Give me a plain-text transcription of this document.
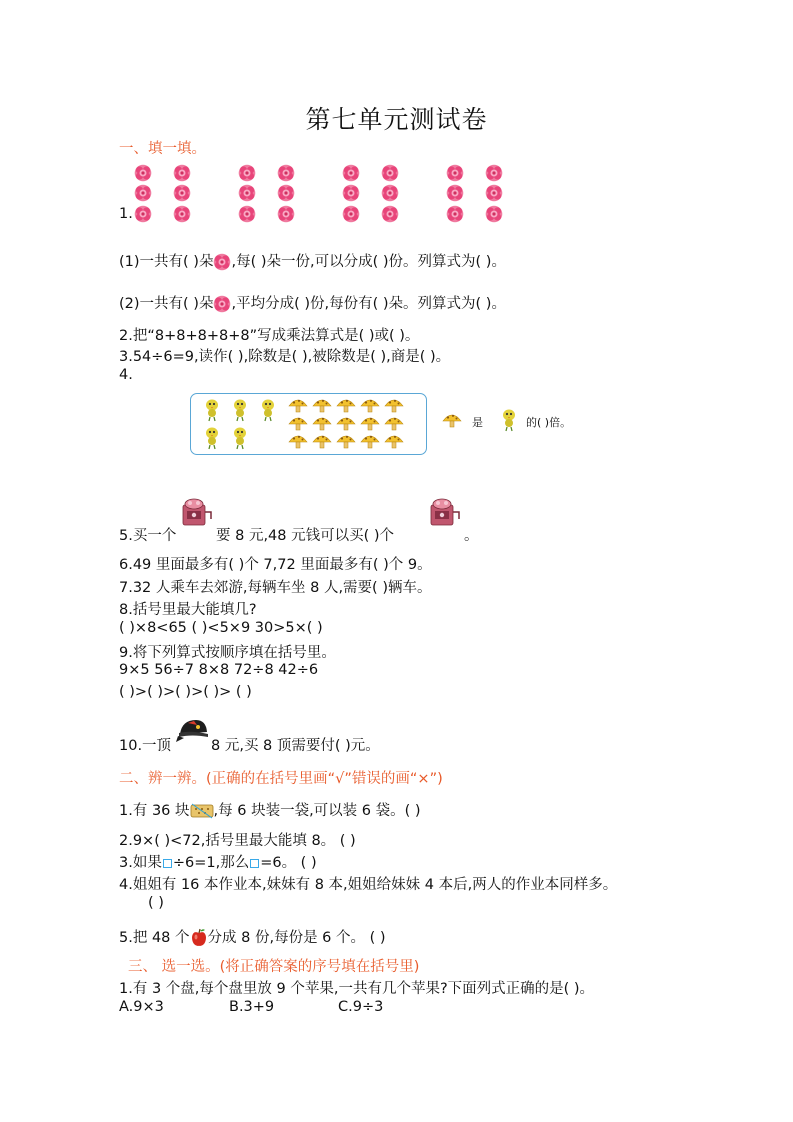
第七单元测试卷
一、填一填。
1.
(1)一共有( )朵 ,每( )朵一份,可以分成( )份。列算式为( )。
(2)一共有( )朵 ,平均分成( )份,每份有( )朵。列算式为( )。
2.把“8+8+8+8+8”写成乘法算式是( )或( )。
3.54÷6=9,读作( ),除数是( ),被除数是( ),商是( )。
4.
是	的( )倍。
5.买一个	要 8 元,48 元钱可以买( )个	。
6.49 里面最多有( )个 7,72 里面最多有( )个 9。
7.32 人乘车去郊游,每辆车坐 8 人,需要( )辆车。
8.括号里最大能填几?
( )×8<65 ( )<5×9 30>5×( )
9.将下列算式按顺序填在括号里。
9×5 56÷7 8×8 72÷8 42÷6
( )>( )>( )>( )> ( )
10.一顶	8 元,买 8 顶需要付( )元。
二、辨一辨。(正确的在括号里画“√”错误的画“×”)
1.有 36 块 ,每 6 块装一袋,可以装 6 袋。( )
2.9×( )<72,括号里最大能填 8。 ( )
3.如果 ÷6=1,那么 =6。 ( )
4.姐姐有 16 本作业本,妹妹有 8 本,姐姐给妹妹 4 本后,两人的作业本同样多。
( )
5.把 48 个 分成 8 份,每份是 6 个。 ( )
三、 选一选。(将正确答案的序号填在括号里)
1.有 3 个盘,每个盘里放 9 个苹果,一共有几个苹果?下面列式正确的是( )。
A.9×3	B.3+9	C.9÷3
